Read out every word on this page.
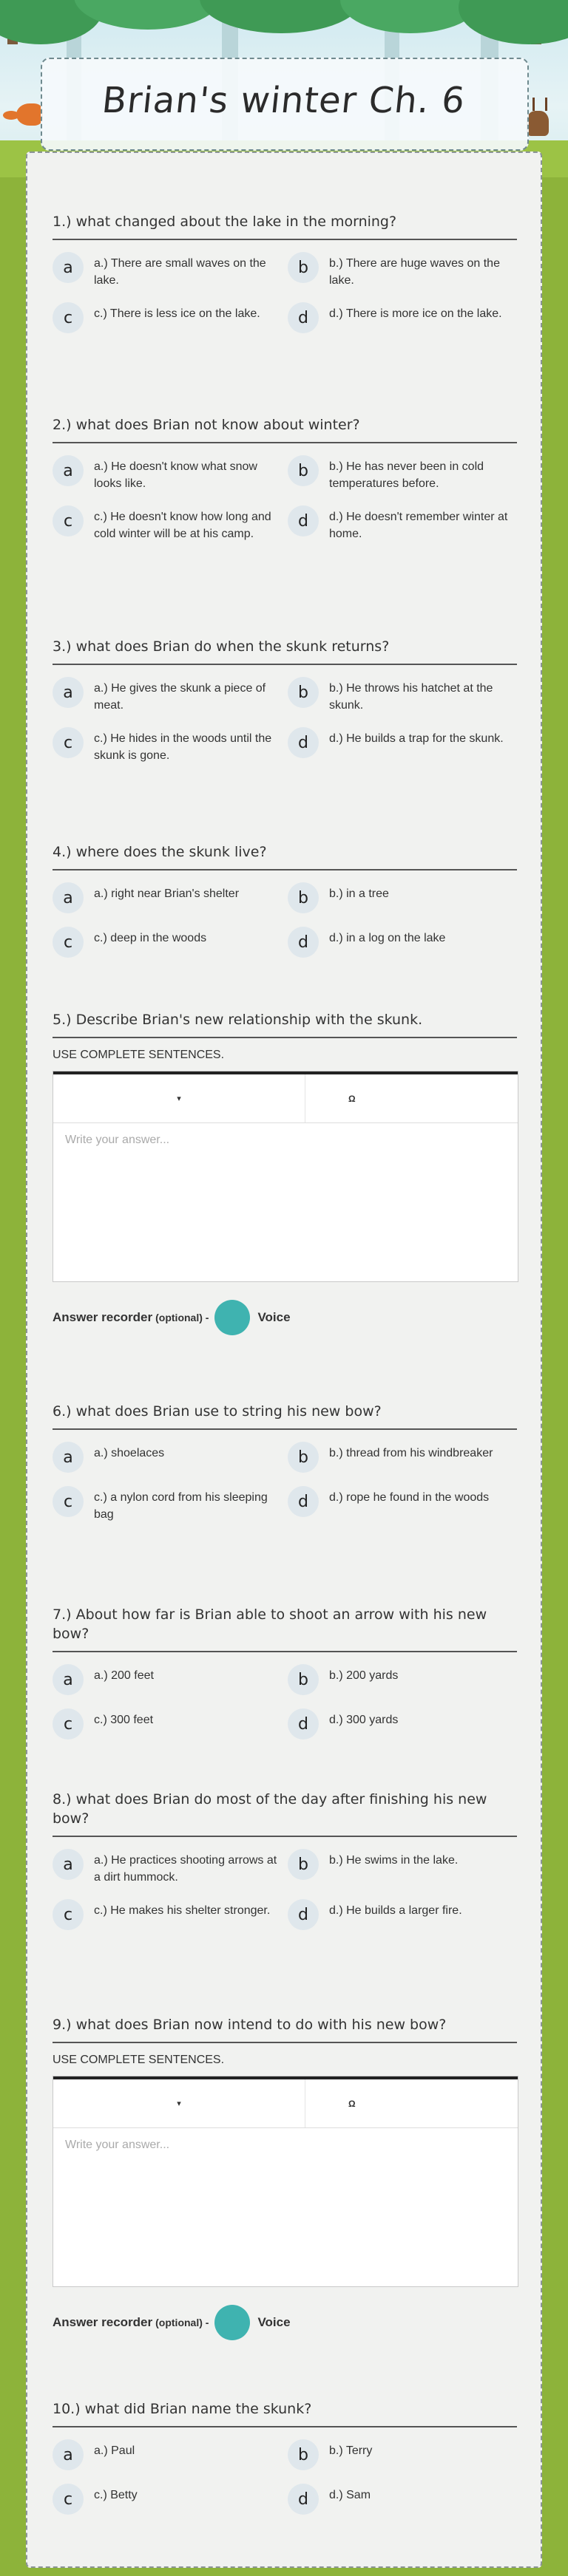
Brian's winter Ch. 6
1.) what changed about the lake in the morning?
a	a.) There are small waves on the lake.
b	b.) There are huge waves on the lake.
c	c.) There is less ice on the lake.	d	d.) There is more ice on the lake.
2.) what does Brian not know about winter?
a	a.) He doesn't know what snow looks like.
b	b.) He has never been in cold temperatures before.
c	c.) He doesn't know how long and cold winter will be at his camp.
d	d.) He doesn't remember winter at home.
3.) what does Brian do when the skunk returns?
a	a.) He gives the skunk a piece of meat.
b	b.) He throws his hatchet at the skunk.
c	c.) He hides in the woods until the skunk is gone.
d	d.) He builds a trap for the skunk.
4.) where does the skunk live?
a	a.) right near Brian's shelter	b	b.) in a tree
c	c.) deep in the woods	d	d.) in a log on the lake
5.) Describe Brian's new relationship with the skunk.
USE COMPLETE SENTENCES.
▾	Ω
Write your answer...
Answer recorder (optional) -	Voice
6.) what does Brian use to string his new bow?
a	a.) shoelaces	b	b.) thread from his windbreaker
c	c.) a nylon cord from his sleeping bag
d	d.) rope he found in the woods
7.) About how far is Brian able to shoot an arrow with his new bow?
a	a.) 200 feet	b	b.) 200 yards
c	c.) 300 feet	d	d.) 300 yards
8.) what does Brian do most of the day after finishing his new bow?
a	a.) He practices shooting arrows at a dirt hummock.
b	b.) He swims in the lake.
c	c.) He makes his shelter stronger.	d	d.) He builds a larger fire.
9.) what does Brian now intend to do with his new bow?
USE COMPLETE SENTENCES.
▾	Ω
Write your answer...
Answer recorder (optional) -	Voice
10.) what did Brian name the skunk?
a	a.) Paul	b	b.) Terry
c	c.) Betty	d	d.) Sam
